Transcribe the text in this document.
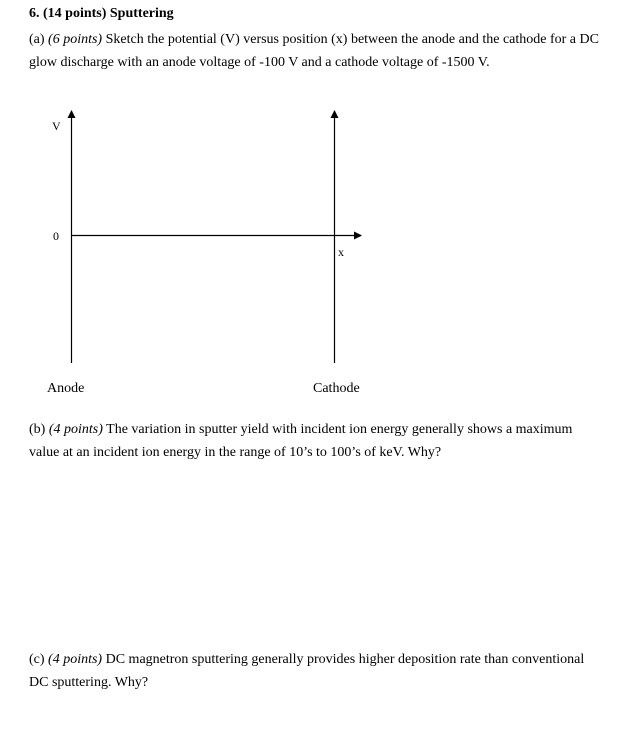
6. (14 points) Sputtering
(a) (6 points) Sketch the potential (V) versus position (x) between the anode and the cathode for a DC
glow discharge with an anode voltage of -100 V and a cathode voltage of -1500 V.
V
0
x
Anode	Cathode
(b) (4 points) The variation in sputter yield with incident ion energy generally shows a maximum
value at an incident ion energy in the range of 10’s to 100’s of keV. Why?
(c) (4 points) DC magnetron sputtering generally provides higher deposition rate than conventional
DC sputtering. Why?
